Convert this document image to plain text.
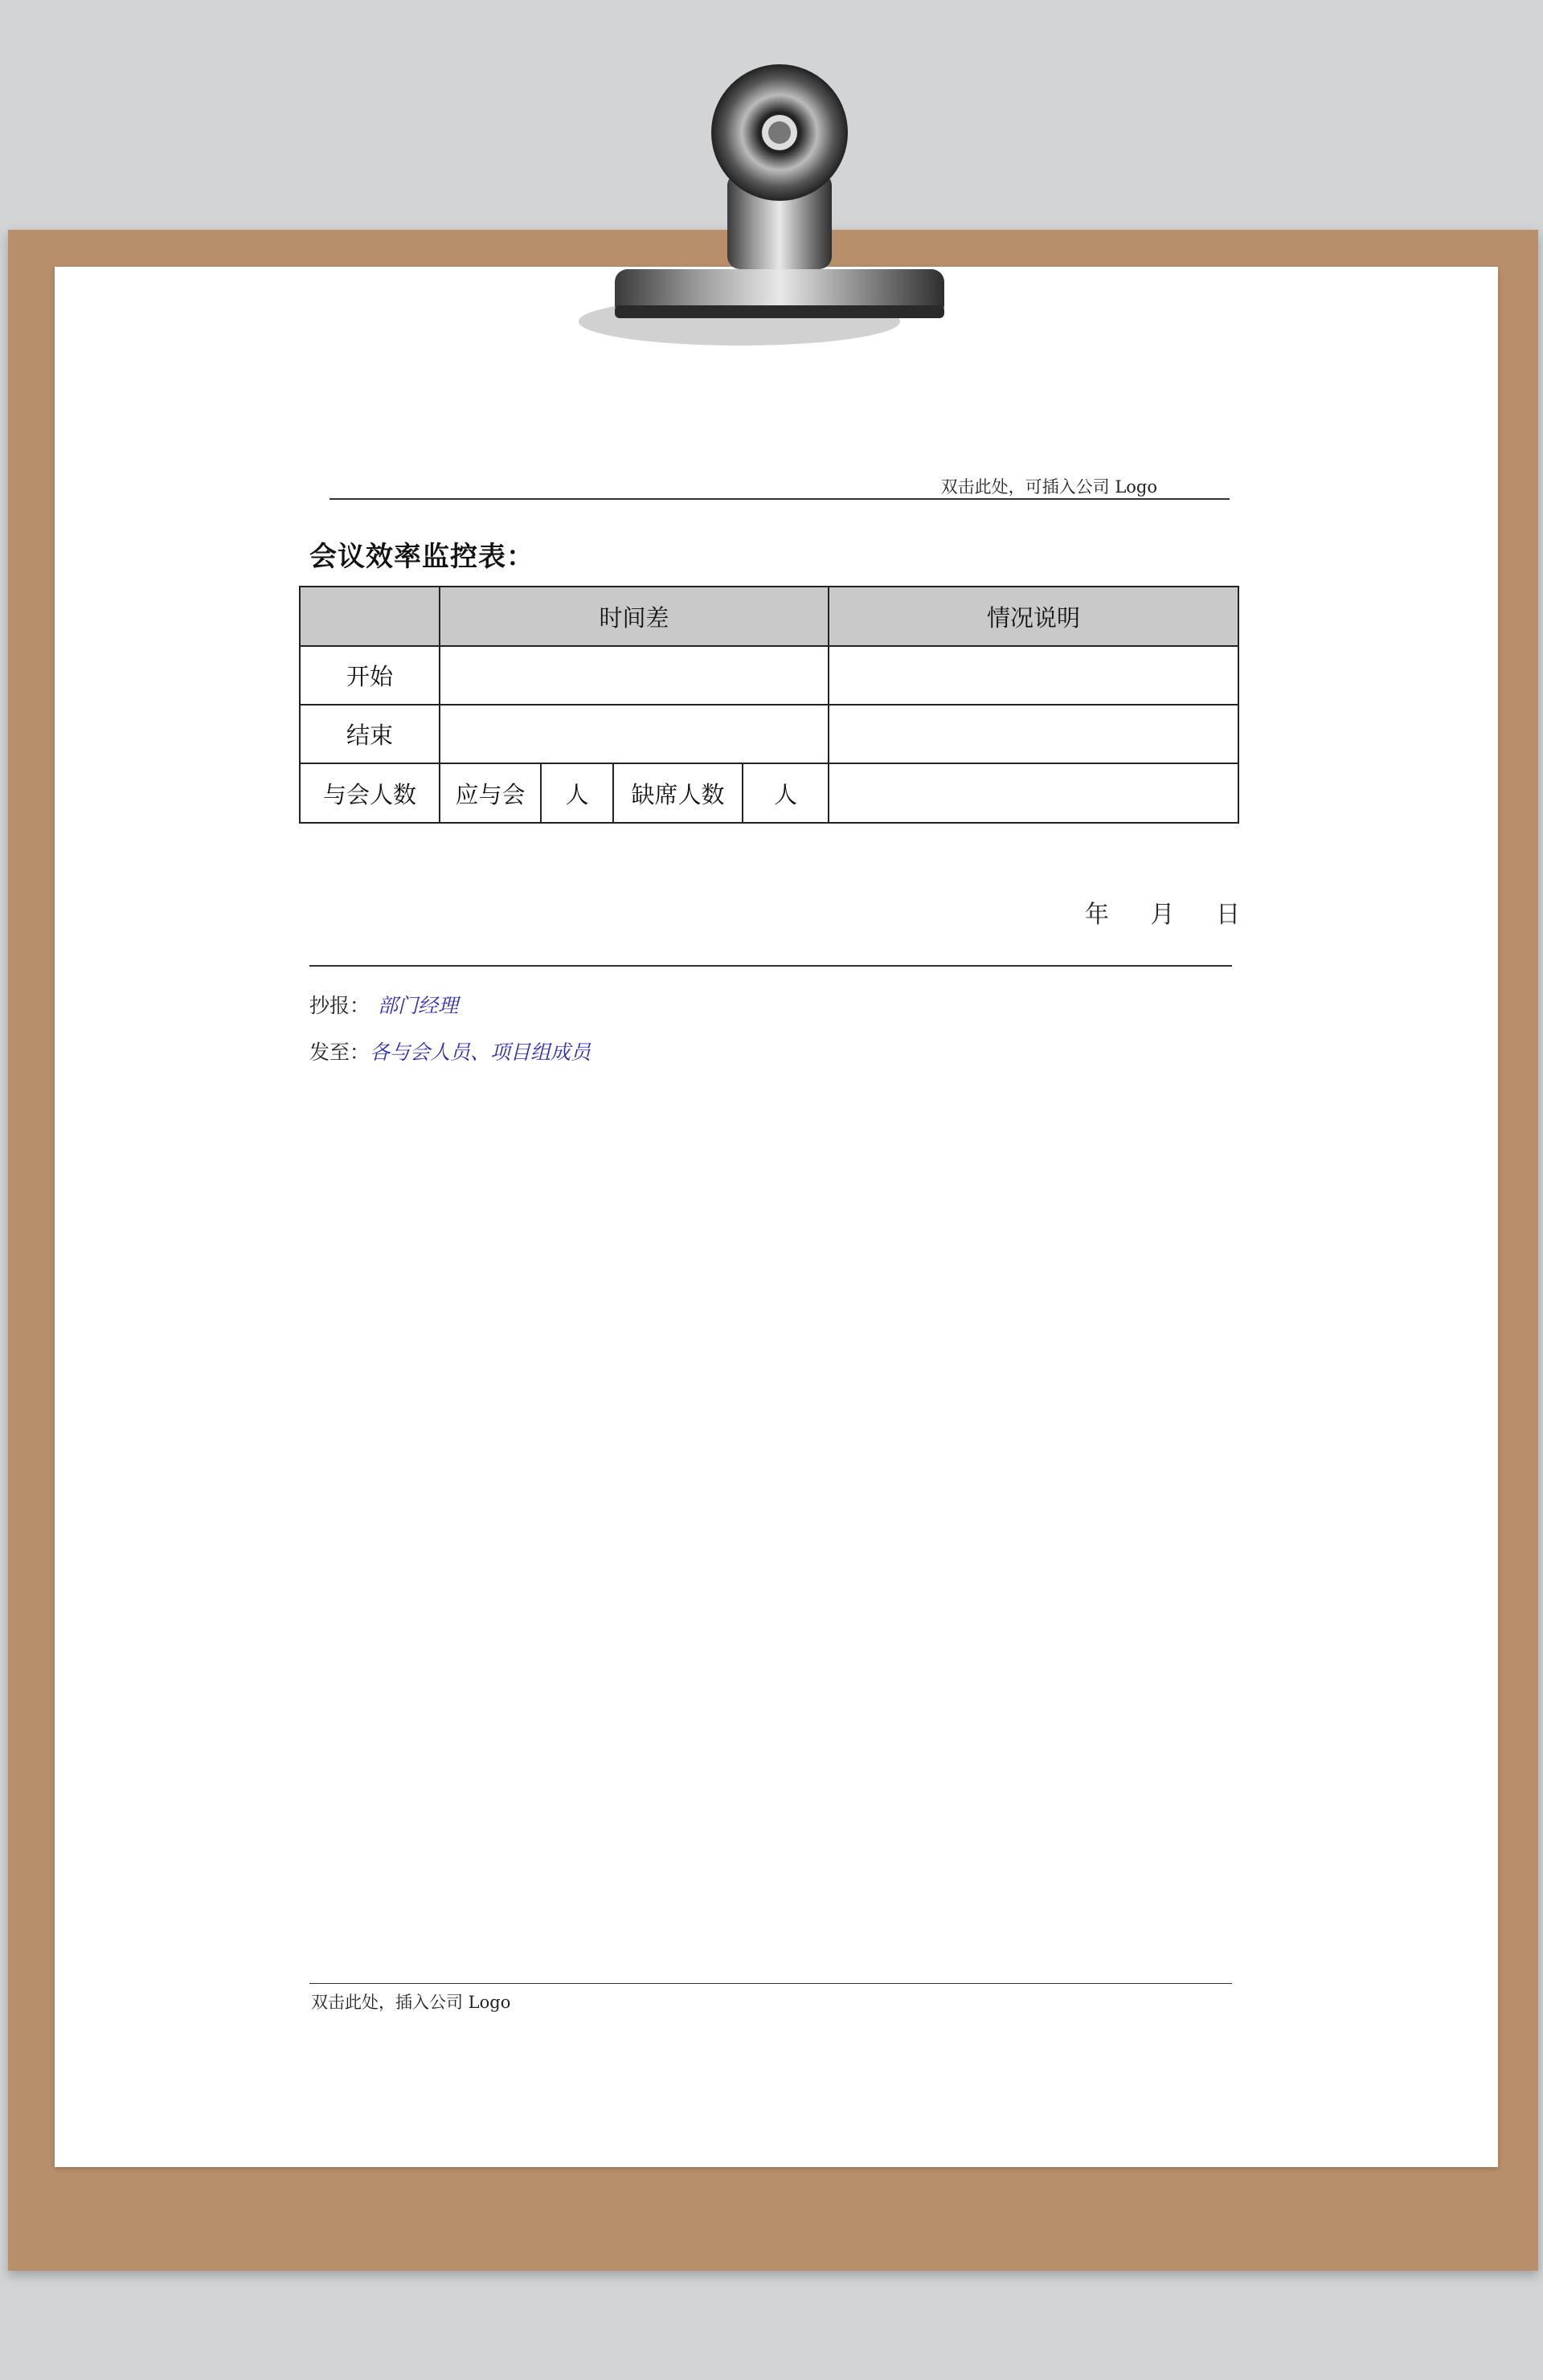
双击此处，可插入公司 Logo
会议效率监控表：
	时间差				情况说明
开始					
结束					
与会人数	应与会	人	缺席人数	人	
年 月 日
抄报： 部门经理
发至：各与会人员、项目组成员
双击此处，插入公司 Logo
